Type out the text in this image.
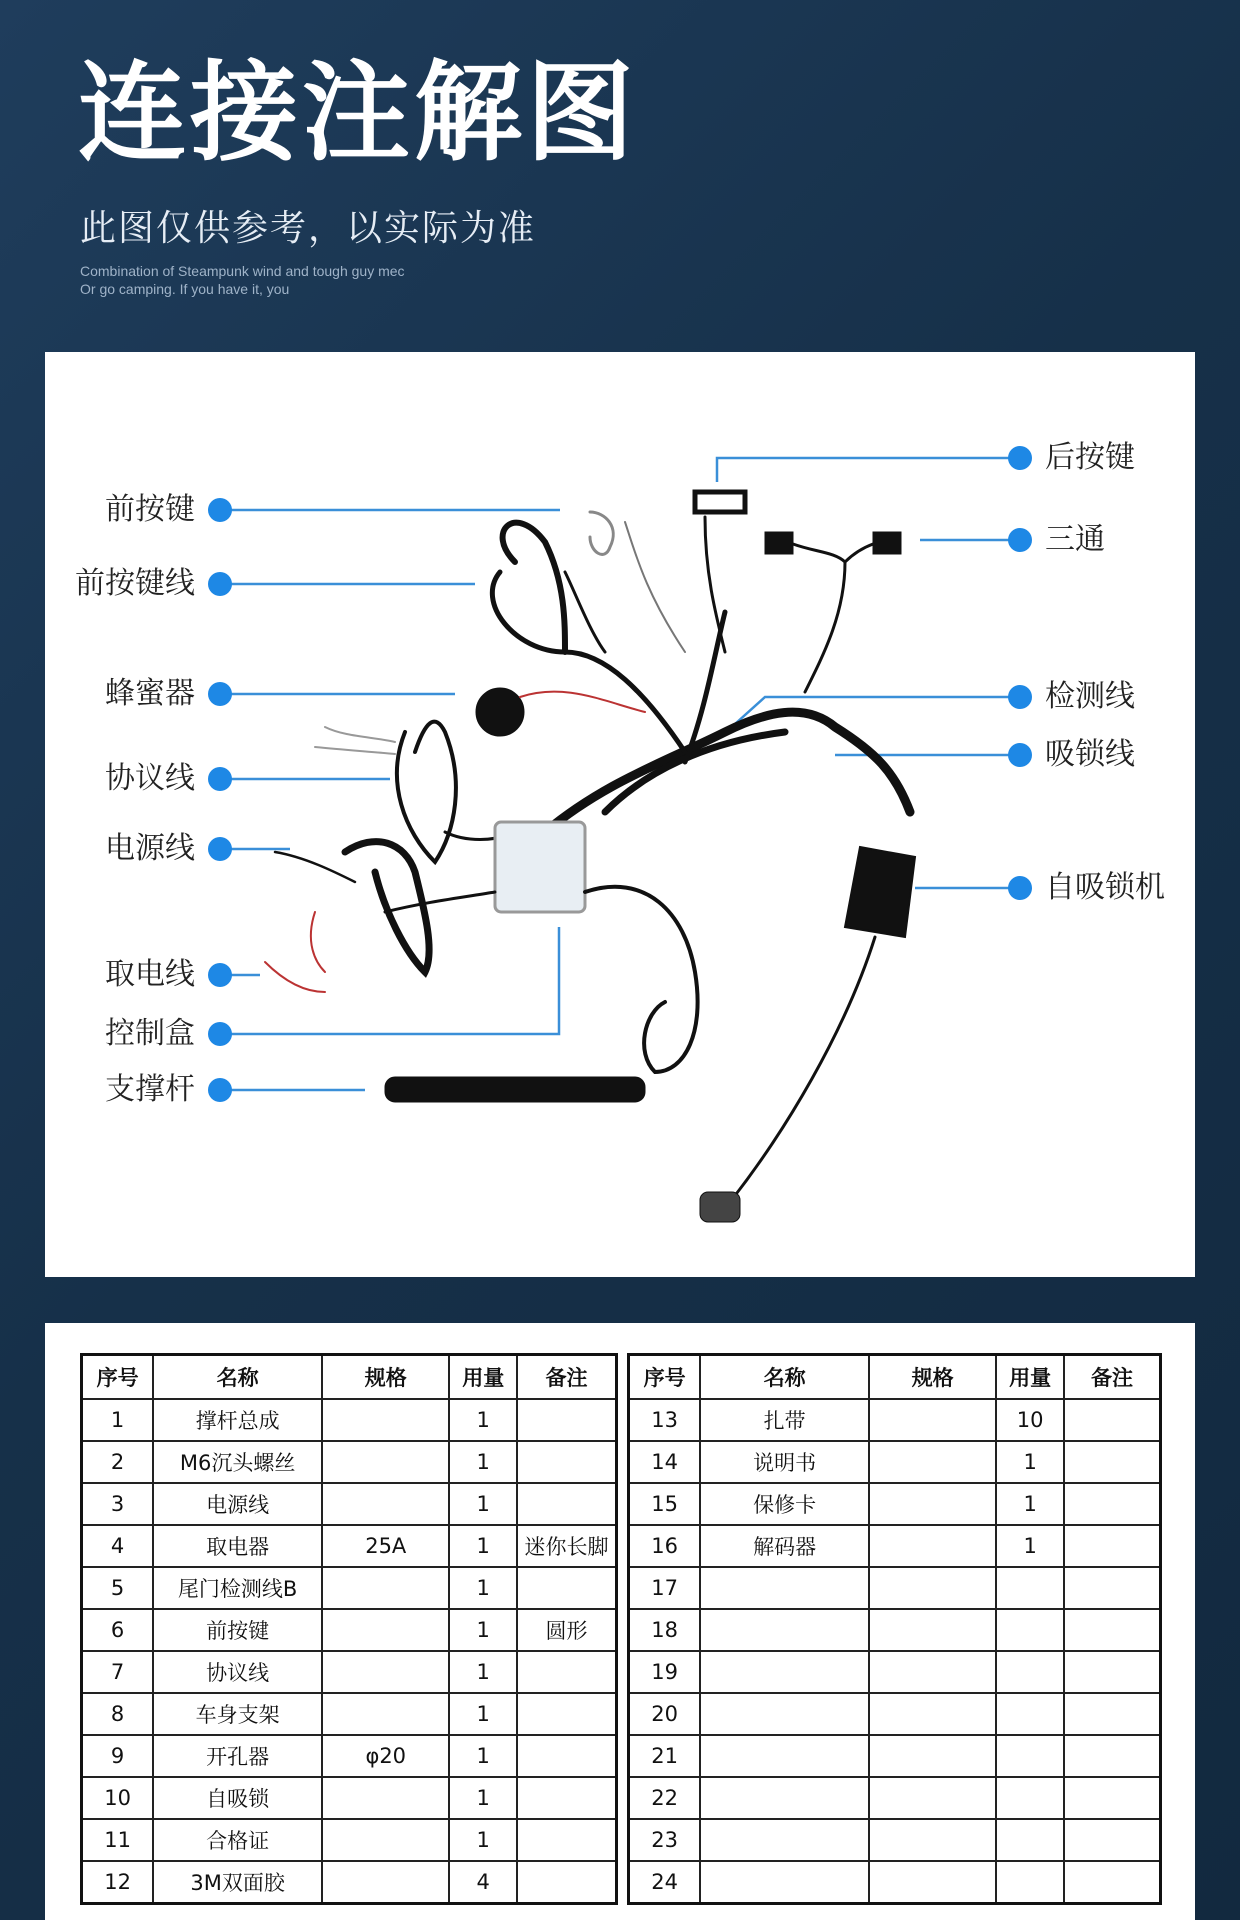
连接注解图
此图仅供参考，以实际为准
Combination of Steampunk wind and tough guy mec
Or go camping. If you have it, you
前按键
前按键线
蜂蜜器
协议线
电源线
取电线
控制盒
支撑杆
后按键
三通
检测线
吸锁线
自吸锁机
序号	名称	规格	用量	备注
1	撑杆总成		1	
2	M6沉头螺丝		1	
3	电源线		1	
4	取电器	25A	1	迷你长脚
5	尾门检测线B		1	
6	前按键		1	圆形
7	协议线		1	
8	车身支架		1	
9	开孔器	φ20	1	
10	自吸锁		1	
11	合格证		1	
12	3M双面胶		4	
序号	名称	规格	用量	备注
13	扎带		10	
14	说明书		1	
15	保修卡		1	
16	解码器		1	
17				
18				
19				
20				
21				
22				
23				
24				
